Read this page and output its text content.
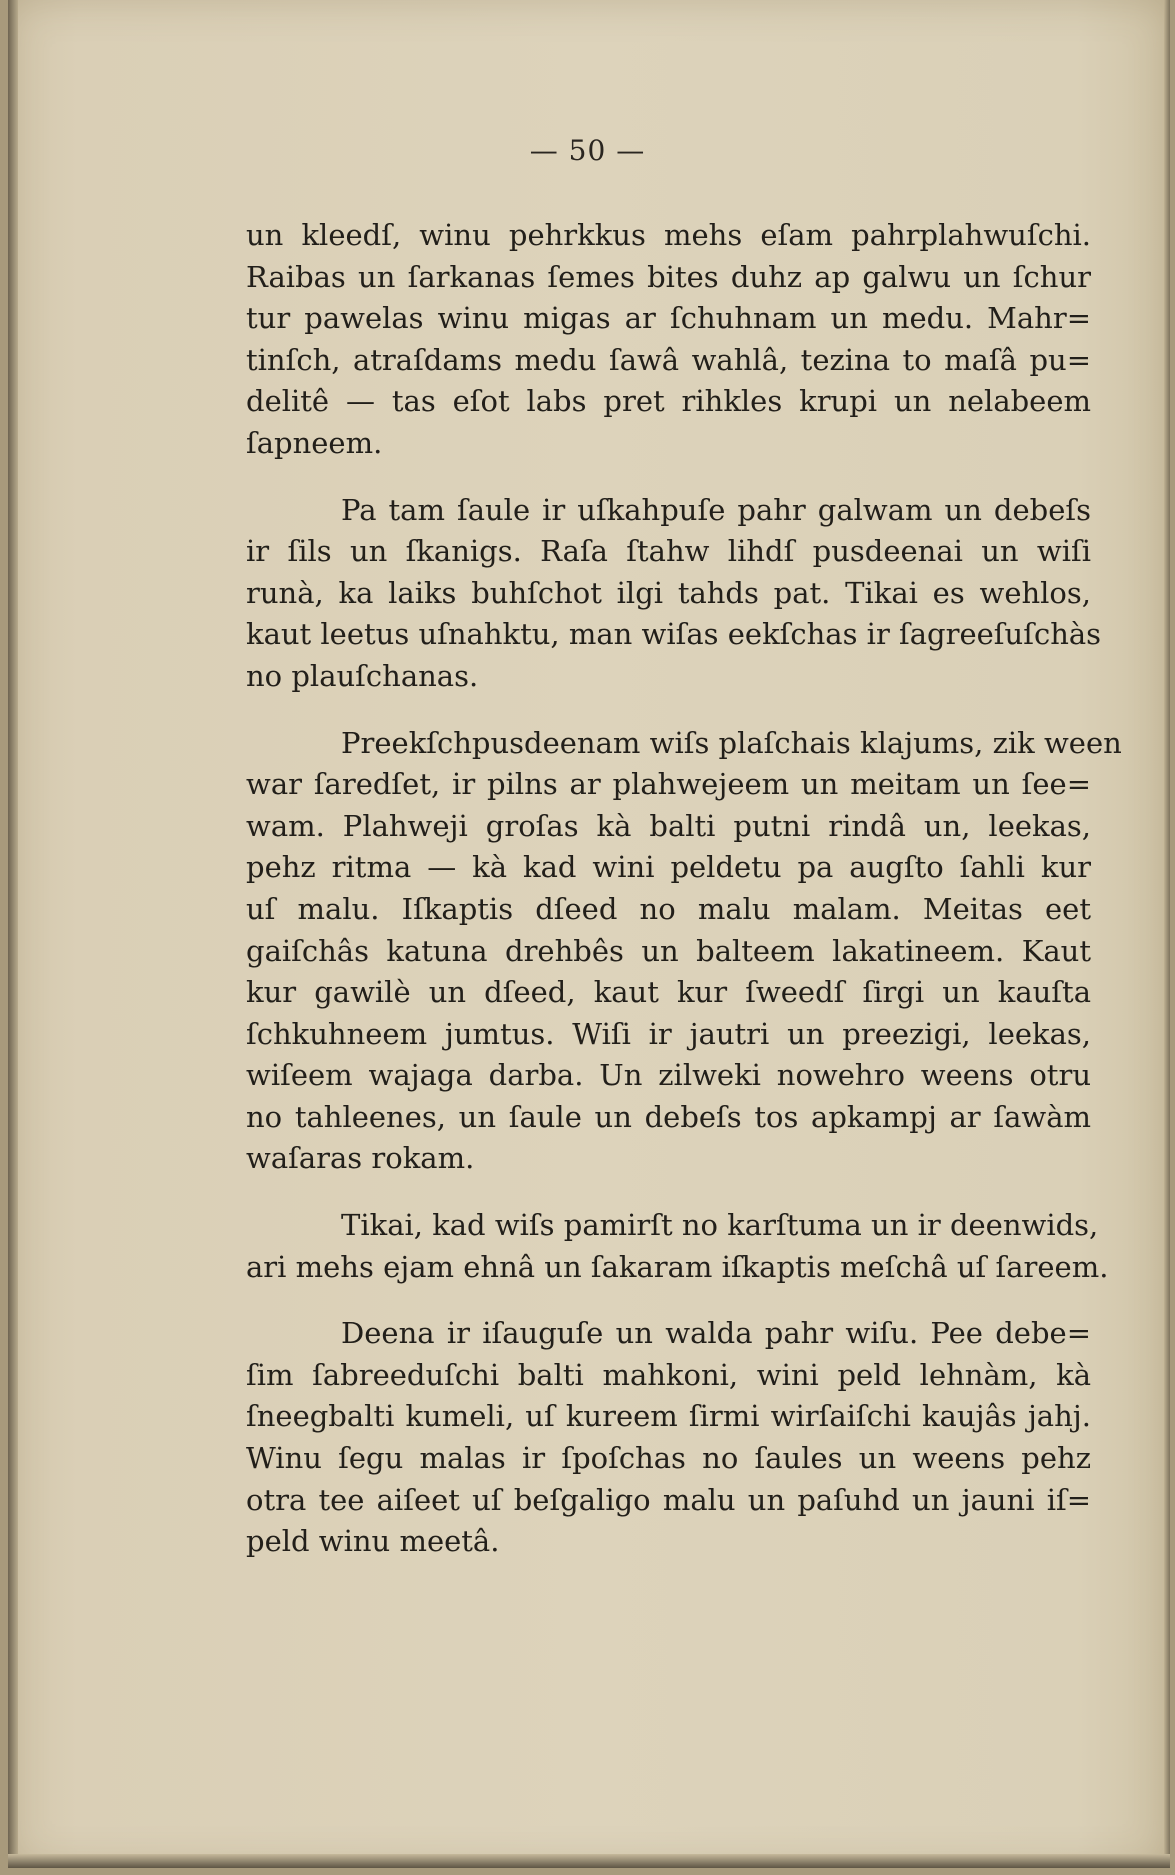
— 50 —

un kleedſ, winu pehrkkus mehs eſam pahrplahwuſchi.
Raibas un ſarkanas ſemes bites duhz ap galwu un ſchur
tur pawelas winu migas ar ſchuhnam un medu. Mahr=
tinſch, atraſdams medu ſawâ wahlâ, tezina to maſâ pu=
delitê — tas eſot labs pret rihkles krupi un nelabeem
ſapneem.

Pa tam ſaule ir uſkahpuſe pahr galwam un debeſs
ir ſils un ſkanigs. Raſa ſtahw lihdſ pusdeenai un wiſi
runà, ka laiks buhſchot ilgi tahds pat. Tikai es wehlos,
kaut leetus uſnahktu, man wiſas eekſchas ir ſagreeſuſchàs
no plauſchanas.

Preekſchpusdeenam wiſs plaſchais klajums, zik ween
war ſaredſet, ir pilns ar plahwejeem un meitam un ſee=
wam. Plahweji groſas kà balti putni rindâ un, leekas,
pehz ritma — kà kad wini peldetu pa augſto ſahli kur
uſ malu. Iſkaptis dſeed no malu malam. Meitas eet
gaiſchâs katuna drehbês un balteem lakatineem. Kaut
kur gawilè un dſeed, kaut kur ſweedſ ſirgi un kauſta
ſchkuhneem jumtus. Wiſi ir jautri un preezigi, leekas,
wiſeem wajaga darba. Un zilweki nowehro weens otru
no tahleenes, un ſaule un debeſs tos apkampj ar ſawàm
waſaras rokam.

Tikai, kad wiſs pamirſt no karſtuma un ir deenwids,
ari mehs ejam ehnâ un ſakaram iſkaptis meſchâ uſ ſareem.

Deena ir iſauguſe un walda pahr wiſu. Pee debe=
ſim ſabreeduſchi balti mahkoni, wini peld lehnàm, kà
ſneegbalti kumeli, uſ kureem ſirmi wirſaiſchi kaujâs jahj.
Winu ſegu malas ir ſpoſchas no ſaules un weens pehz
otra tee aiſeet uſ beſgaligo malu un paſuhd un jauni iſ=
peld winu meetâ.
